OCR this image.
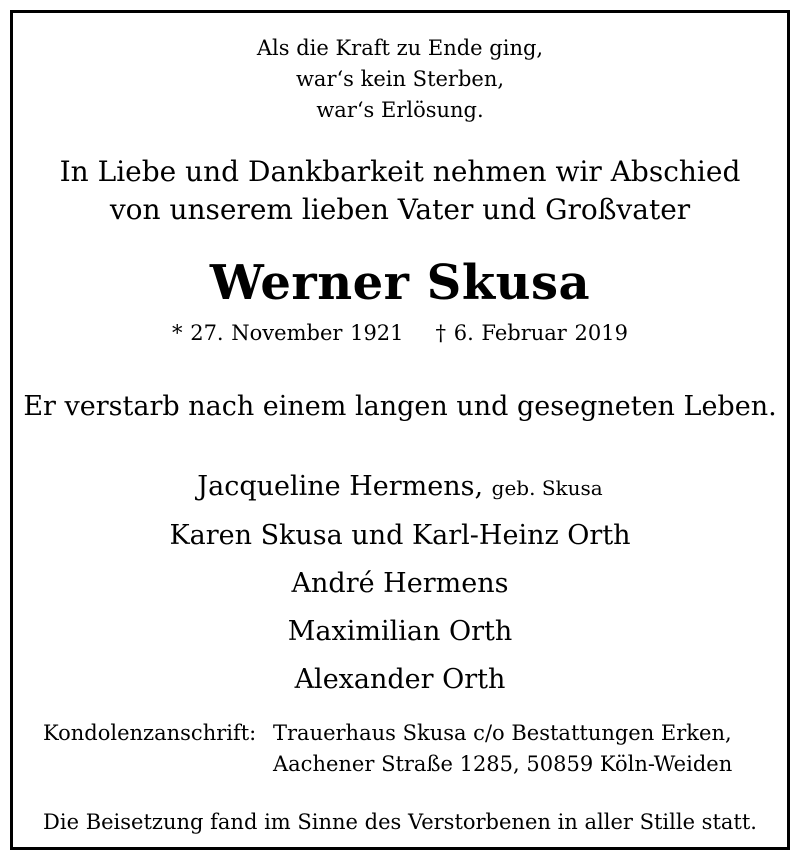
Als die Kraft zu Ende ging,
war‘s kein Sterben,
war‘s Erlösung.
In Liebe und Dankbarkeit nehmen wir Abschied
von unserem lieben Vater und Großvater
Werner Skusa
* 27. November 1921 † 6. Februar 2019
Er verstarb nach einem langen und gesegneten Leben.
Jacqueline Hermens, geb. Skusa
Karen Skusa und Karl-Heinz Orth
André Hermens
Maximilian Orth
Alexander Orth
Kondolenzanschrift: Trauerhaus Skusa c/o Bestattungen Erken,
Aachener Straße 1285, 50859 Köln-Weiden
Die Beisetzung fand im Sinne des Verstorbenen in aller Stille statt.
